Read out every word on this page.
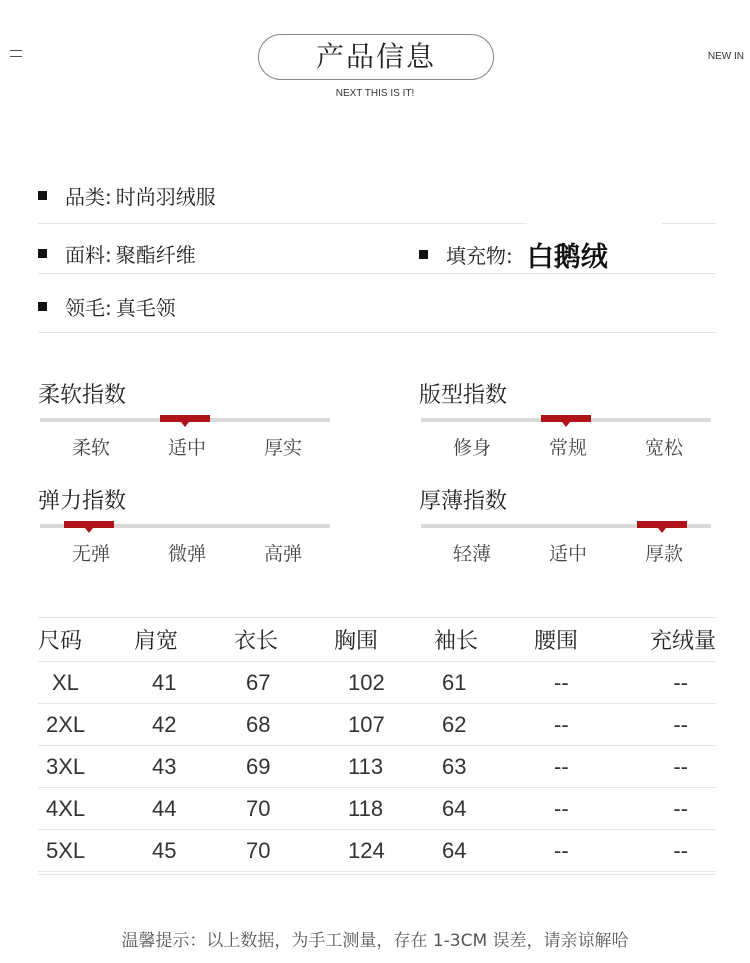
NEW IN
产品信息
NEXT THIS IS IT!
品类: 时尚羽绒服
面料: 聚酯纤维	填充物: 白鹅绒
领毛: 真毛领
柔软指数
柔软	适中	厚实
版型指数
修身	常规	宽松
弹力指数
无弹	微弹	高弹
厚薄指数
轻薄	适中	厚款
尺码	肩宽	衣长	胸围	袖长	腰围	充绒量
XL	41	67	102	61	--	--
2XL	42	68	107	62	--	--
3XL	43	69	113	63	--	--
4XL	44	70	118	64	--	--
5XL	45	70	124	64	--	--
温馨提示：以上数据，为手工测量，存在 1-3CM 误差，请亲谅解哈
